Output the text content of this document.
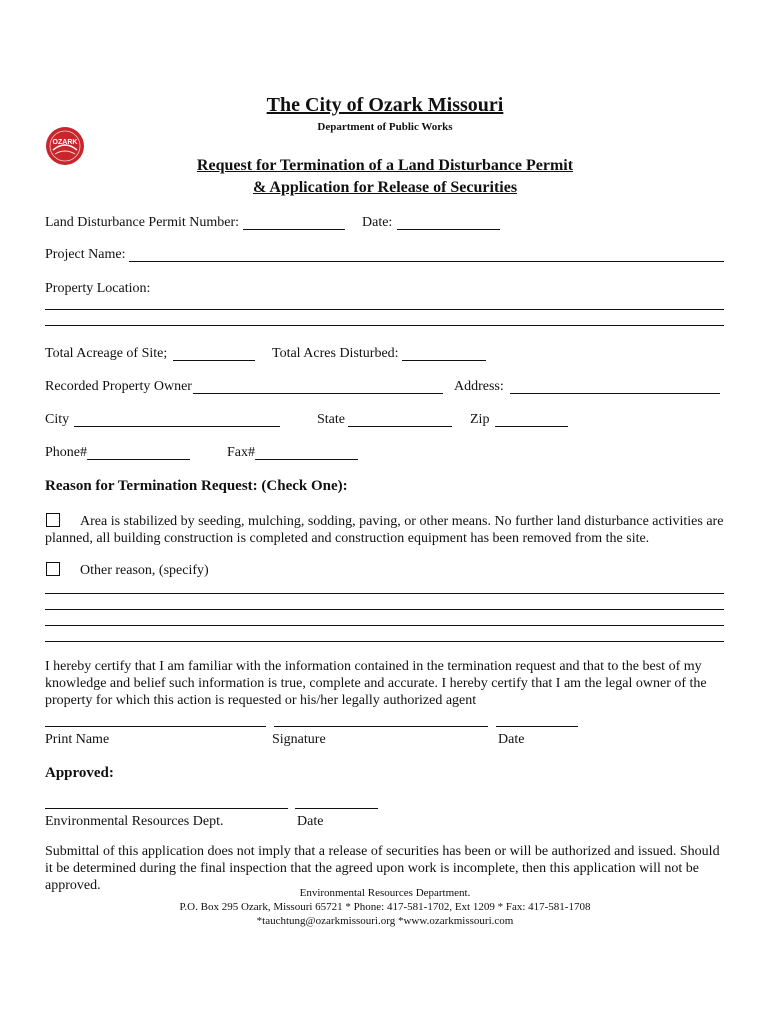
The City of Ozark Missouri
Department of Public Works
OZARK
Request for Termination of a Land Disturbance Permit
& Application for Release of Securities
Land Disturbance Permit Number:	Date:
Project Name:
Property Location:
Total Acreage of Site;	Total Acres Disturbed:
Recorded Property Owner	Address:
City	State	Zip
Phone#	Fax#
Reason for Termination Request: (Check One):
Area is stabilized by seeding, mulching, sodding, paving, or other means. No further land disturbance activities are
planned, all building construction is completed and construction equipment has been removed from the site.
Other reason, (specify)
I hereby certify that I am familiar with the information contained in the termination request and that to the best of my knowledge and belief such information is true, complete and accurate. I hereby certify that I am the legal owner of the property for which this action is requested or his/her legally authorized agent
Print Name	Signature	Date
Approved:
Environmental Resources Dept.	Date
Submittal of this application does not imply that a release of securities has been or will be authorized and issued. Should it be determined during the final inspection that the agreed upon work is incomplete, then this application will not be approved.	Environmental Resources Department.
P.O. Box 295 Ozark, Missouri 65721 * Phone: 417-581-1702, Ext 1209 * Fax: 417-581-1708
*tauchtung@ozarkmissouri.org *www.ozarkmissouri.com
